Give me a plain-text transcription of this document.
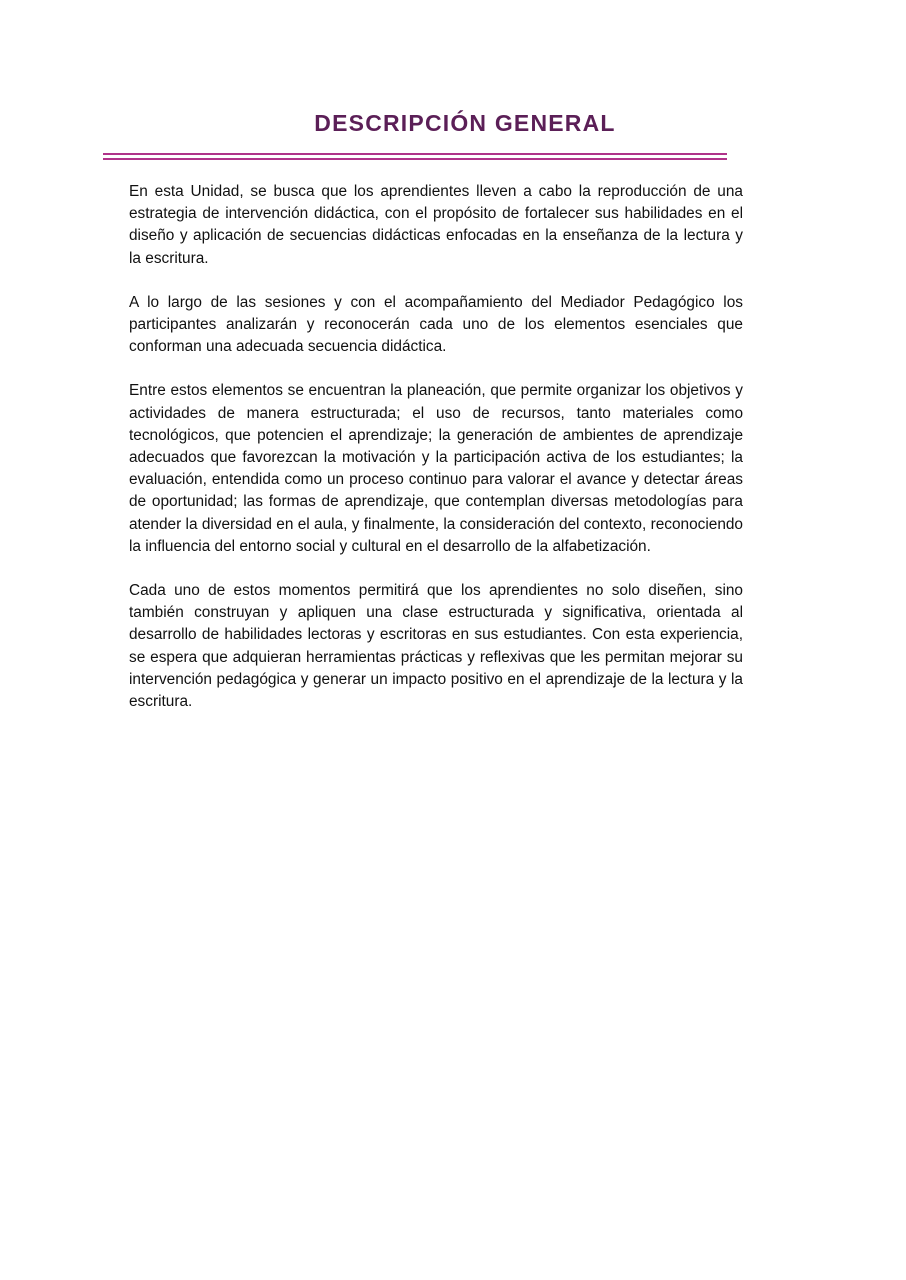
DESCRIPCIÓN GENERAL

En esta Unidad, se busca que los aprendientes lleven a cabo la reproducción de una estrategia de intervención didáctica, con el propósito de fortalecer sus habilidades en el diseño y aplicación de secuencias didácticas enfocadas en la enseñanza de la lectura y la escritura.

A lo largo de las sesiones y con el acompañamiento del Mediador Pedagógico los participantes analizarán y reconocerán cada uno de los elementos esenciales que conforman una adecuada secuencia didáctica.

Entre estos elementos se encuentran la planeación, que permite organizar los objetivos y actividades de manera estructurada; el uso de recursos, tanto materiales como tecnológicos, que potencien el aprendizaje; la generación de ambientes de aprendizaje adecuados que favorezcan la motivación y la participación activa de los estudiantes; la evaluación, entendida como un proceso continuo para valorar el avance y detectar áreas de oportunidad; las formas de aprendizaje, que contemplan diversas metodologías para atender la diversidad en el aula, y finalmente, la consideración del contexto, reconociendo la influencia del entorno social y cultural en el desarrollo de la alfabetización.

Cada uno de estos momentos permitirá que los aprendientes no solo diseñen, sino también construyan y apliquen una clase estructurada y significativa, orientada al desarrollo de habilidades lectoras y escritoras en sus estudiantes. Con esta experiencia, se espera que adquieran herramientas prácticas y reflexivas que les permitan mejorar su intervención pedagógica y generar un impacto positivo en el aprendizaje de la lectura y la escritura.
